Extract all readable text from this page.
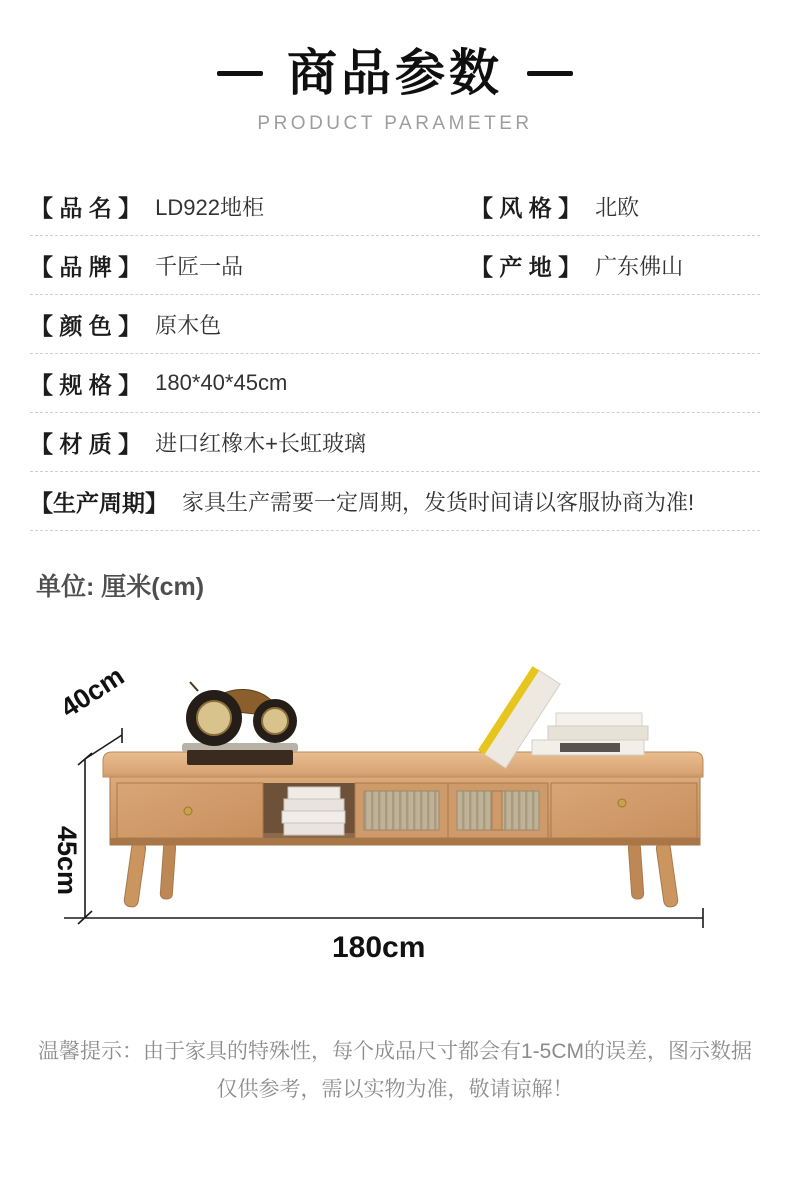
商品参数
PRODUCT PARAMETER
【 品 名 】 LD922地柜	【 风 格 】 北欧
【 品 牌 】 千匠一品	【 产 地 】 广东佛山
【 颜 色 】 原木色
【 规 格 】 180*40*45cm
【 材 质 】 进口红橡木+长虹玻璃
【生产周期】 家具生产需要一定周期，发货时间请以客服协商为准!
单位: 厘米(cm)
40cm
45cm
180cm

温馨提示：由于家具的特殊性，每个成品尺寸都会有1-5CM的误差，图示数据

仅供参考，需以实物为准，敬请谅解！
